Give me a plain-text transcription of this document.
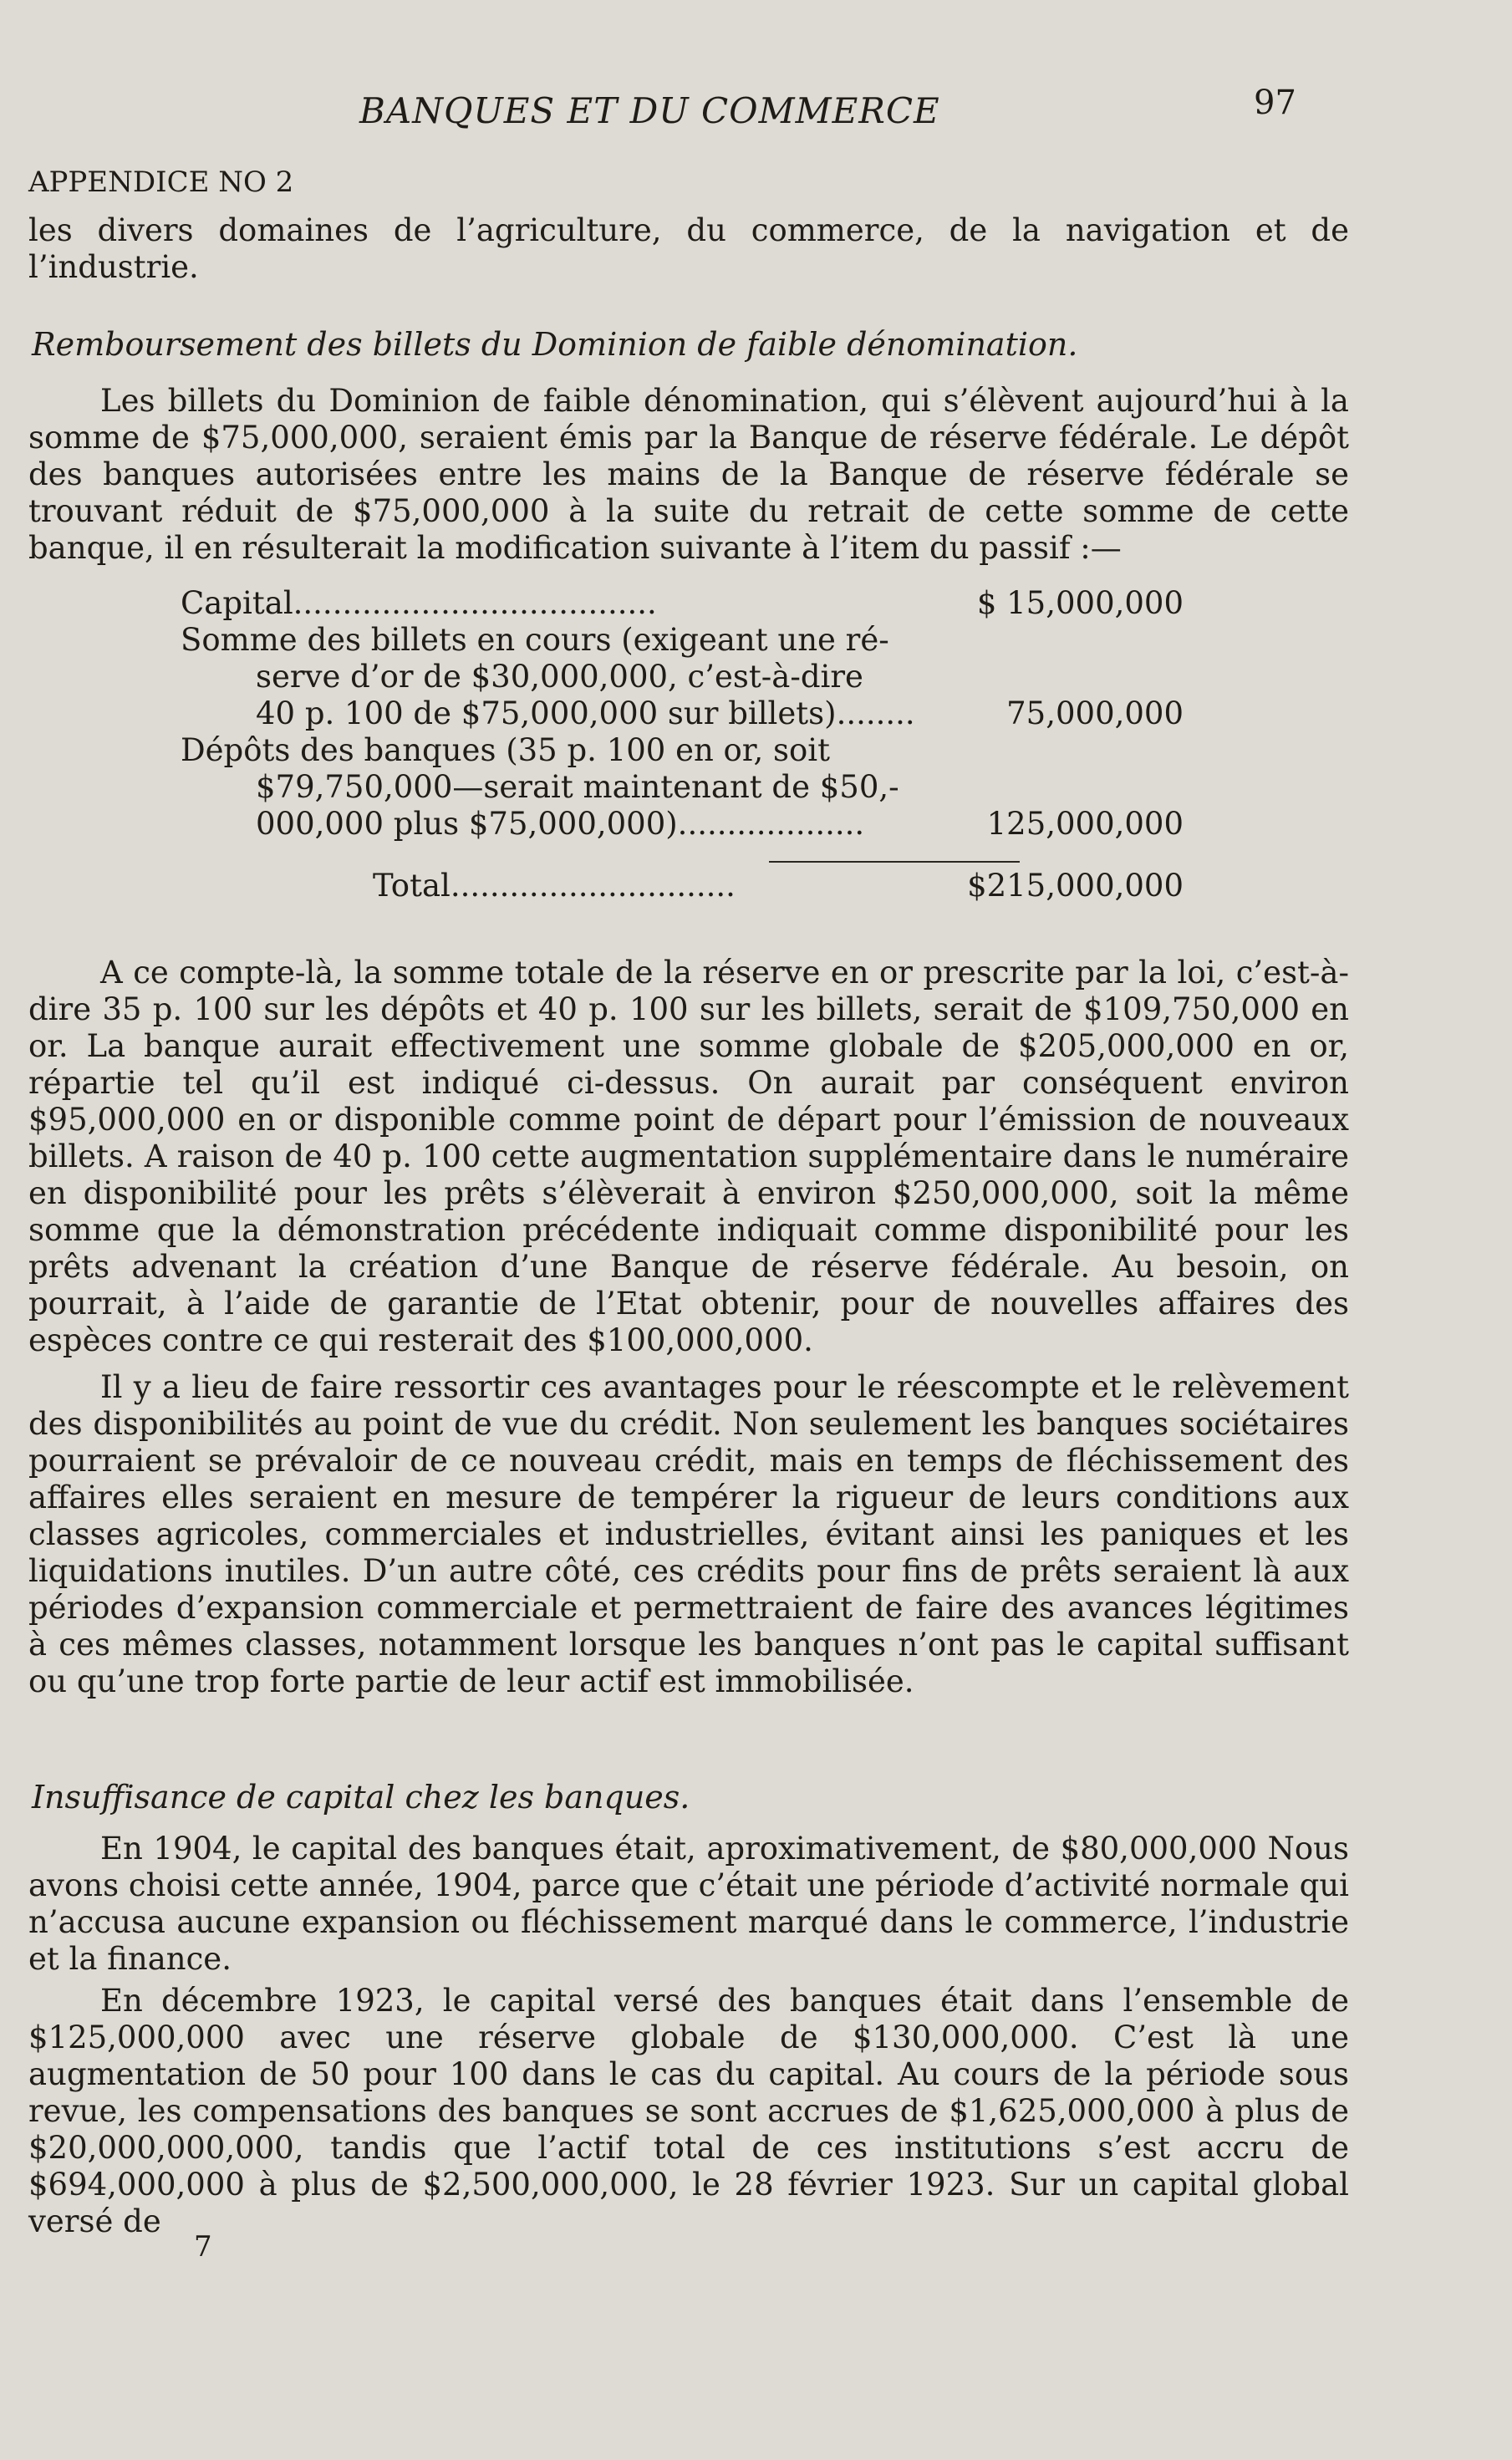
BANQUES ET DU COMMERCE	97
APPENDICE NO 2

les divers domaines de l’agriculture, du commerce, de la navigation et de l’industrie.

Remboursement des billets du Dominion de faible dénomination.

Les billets du Dominion de faible dénomination, qui s’élèvent aujourd’hui à la somme de $75,000,000, seraient émis par la Banque de réserve fédérale. Le dépôt des banques autorisées entre les mains de la Banque de réserve fédérale se trouvant réduit de $75,000,000 à la suite du retrait de cette somme de cette banque, il en résulterait la modification suivante à l’item du passif :—

Capital.....................................	$ 15,000,000
Somme des billets en cours (exigeant une ré-
serve d’or de $30,000,000, c’est-à-dire
40 p. 100 de $75,000,000 sur billets)........	75,000,000
Dépôts des banques (35 p. 100 en or, soit
$79,750,000—serait maintenant de $50,-
000,000 plus $75,000,000)...................	125,000,000
Total.............................	$215,000,000

A ce compte-là, la somme totale de la réserve en or prescrite par la loi, c’est-à-dire 35 p. 100 sur les dépôts et 40 p. 100 sur les billets, serait de $109,750,000 en or. La banque aurait effectivement une somme globale de $205,000,000 en or, répartie tel qu’il est indiqué ci-dessus. On aurait par conséquent environ $95,000,000 en or disponible comme point de départ pour l’émission de nouveaux billets. A raison de 40 p. 100 cette augmentation supplémentaire dans le numéraire en disponibilité pour les prêts s’élèverait à environ $250,000,000, soit la même somme que la démonstration précédente indiquait comme disponibilité pour les prêts advenant la création d’une Banque de réserve fédérale. Au besoin, on pourrait, à l’aide de garantie de l’Etat obtenir, pour de nouvelles affaires des espèces contre ce qui resterait des $100,000,000.

Il y a lieu de faire ressortir ces avantages pour le réescompte et le relèvement des disponibilités au point de vue du crédit. Non seulement les banques sociétaires pourraient se prévaloir de ce nouveau crédit, mais en temps de fléchissement des affaires elles seraient en mesure de tempérer la rigueur de leurs conditions aux classes agricoles, commerciales et industrielles, évitant ainsi les paniques et les liquidations inutiles. D’un autre côté, ces crédits pour fins de prêts seraient là aux périodes d’expansion commerciale et permettraient de faire des avances légitimes à ces mêmes classes, notamment lorsque les banques n’ont pas le capital suffisant ou qu’une trop forte partie de leur actif est immobilisée.

Insuffisance de capital chez les banques.

En 1904, le capital des banques était, aproximativement, de $80,000,000 Nous avons choisi cette année, 1904, parce que c’était une période d’activité normale qui n’accusa aucune expansion ou fléchissement marqué dans le commerce, l’industrie et la finance.

En décembre 1923, le capital versé des banques était dans l’ensemble de $125,000,000 avec une réserve globale de $130,000,000. C’est là une augmentation de 50 pour 100 dans le cas du capital. Au cours de la période sous revue, les compensations des banques se sont accrues de $1,625,000,000 à plus de $20,000,000,000, tandis que l’actif total de ces institutions s’est accru de $694,000,000 à plus de $2,500,000,000, le 28 février 1923. Sur un capital global versé de

7
